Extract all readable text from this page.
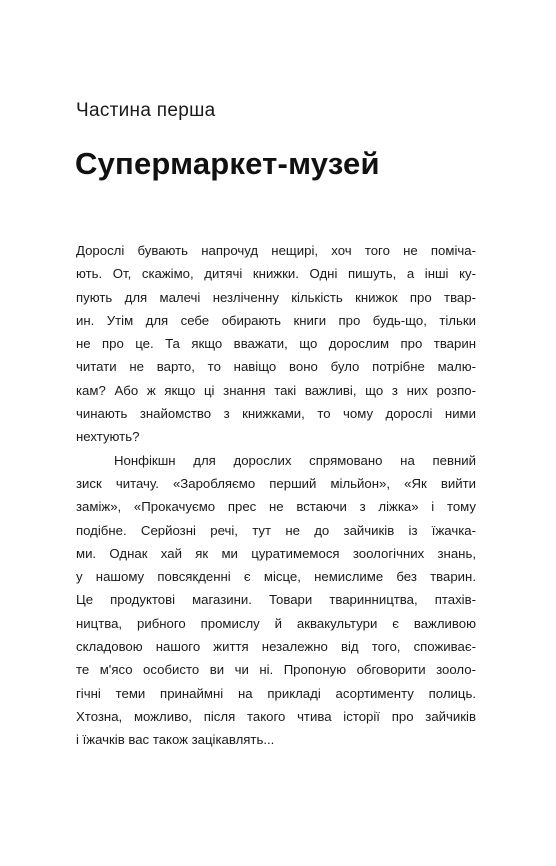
Частина перша
Супермаркет-музей
Дорослі бувають напрочуд нещирі, хоч того не поміча-
ють. От, скажімо, дитячі книжки. Одні пишуть, а інші ку-
пують для малечі незліченну кількість книжок про твар-
ин. Утім для себе обирають книги про будь-що, тільки
не про це. Та якщо вважати, що дорослим про тварин
читати не варто, то навіщо воно було потрібне малю-
кам? Або ж якщо ці знання такі важливі, що з них розпо-
чинають знайомство з книжками, то чому дорослі ними
нехтують?
Нонфікшн для дорослих спрямовано на певний
зиск читачу. «Заробляємо перший мільйон», «Як вийти
заміж», «Прокачуємо прес не встаючи з ліжка» і тому
подібне. Серйозні речі, тут не до зайчиків із їжачка-
ми. Однак хай як ми цуратимемося зоологічних знань,
у нашому повсякденні є місце, немислиме без тварин.
Це продуктові магазини. Товари тваринництва, птахів-
ництва, рибного промислу й аквакультури є важливою
складовою нашого життя незалежно від того, споживає-
те м'ясо особисто ви чи ні. Пропоную обговорити зооло-
гічні теми принаймні на прикладі асортименту полиць.
Хтозна, можливо, після такого чтива історії про зайчиків
і їжачків вас також зацікавлять...
